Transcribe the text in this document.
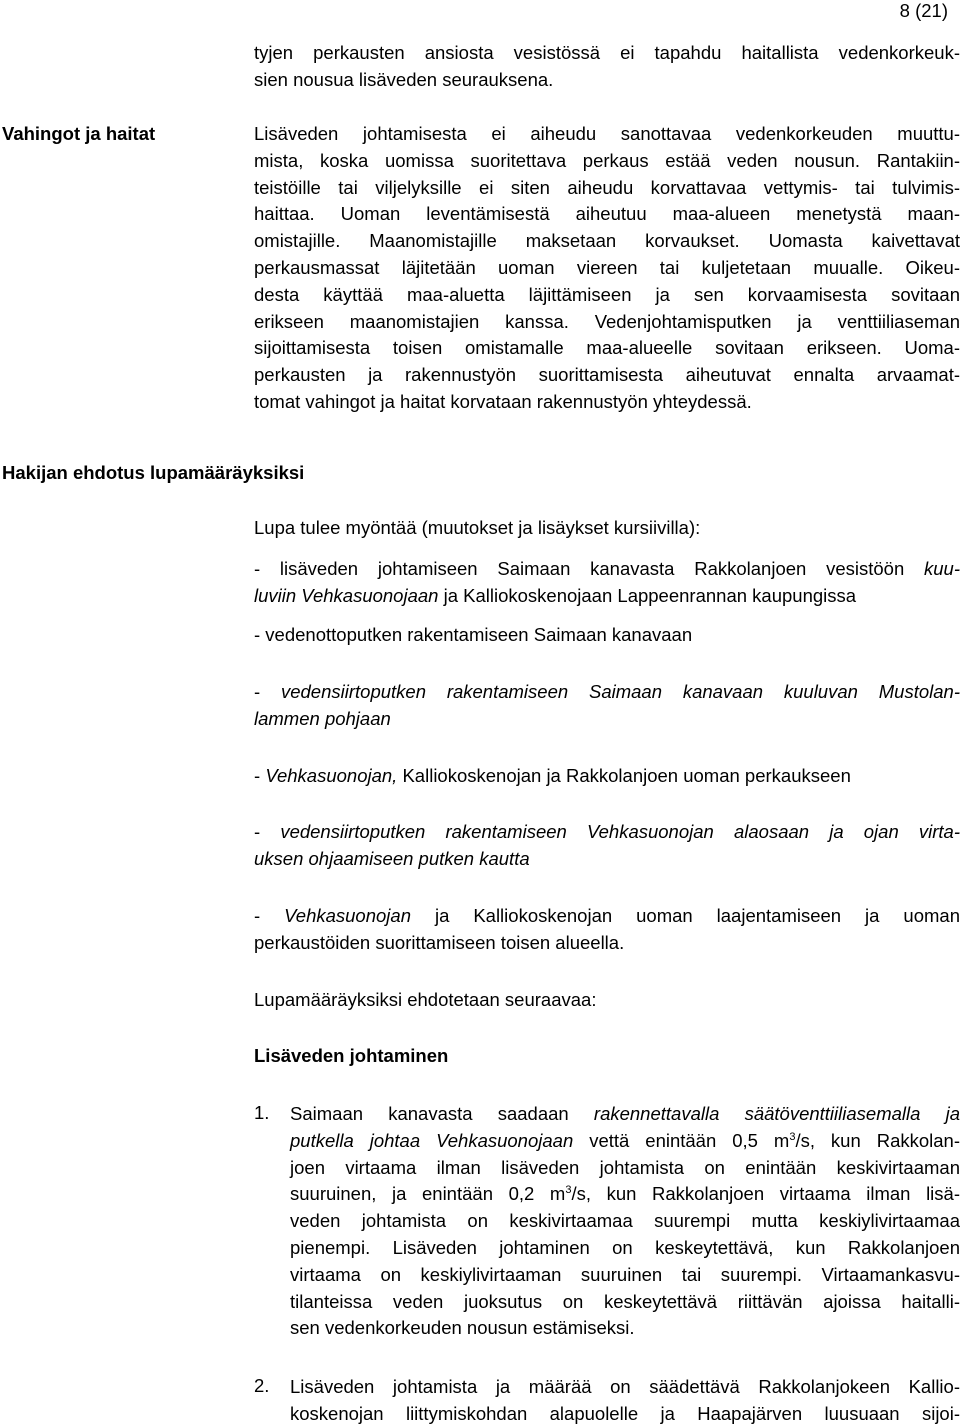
8 (21)
tyjen perkausten ansiosta vesistössä ei tapahdu haitallista vedenkorkeuk-
sien nousua lisäveden seurauksena.
Vahingot ja haitat	Lisäveden johtamisesta ei aiheudu sanottavaa vedenkorkeuden muuttu-
mista, koska uomissa suoritettava perkaus estää veden nousun. Rantakiin-
teistöille tai viljelyksille ei siten aiheudu korvattavaa vettymis- tai tulvimis-
haittaa. Uoman leventämisestä aiheutuu maa-alueen menetystä maan-
omistajille. Maanomistajille maksetaan korvaukset. Uomasta kaivettavat
perkausmassat läjitetään uoman viereen tai kuljetetaan muualle. Oikeu-
desta käyttää maa-aluetta läjittämiseen ja sen korvaamisesta sovitaan
erikseen maanomistajien kanssa. Vedenjohtamisputken ja venttiiliaseman
sijoittamisesta toisen omistamalle maa-alueelle sovitaan erikseen. Uoma-
perkausten ja rakennustyön suorittamisesta aiheutuvat ennalta arvaamat-
tomat vahingot ja haitat korvataan rakennustyön yhteydessä.
Hakijan ehdotus lupamääräyksiksi
Lupa tulee myöntää (muutokset ja lisäykset kursiivilla):
- lisäveden johtamiseen Saimaan kanavasta Rakkolanjoen vesistöön kuu-
luviin Vehkasuonojaan ja Kalliokoskenojaan Lappeenrannan kaupungissa
- vedenottoputken rakentamiseen Saimaan kanavaan
- vedensiirtoputken rakentamiseen Saimaan kanavaan kuuluvan Mustolan-
lammen pohjaan
- Vehkasuonojan, Kalliokoskenojan ja Rakkolanjoen uoman perkaukseen
- vedensiirtoputken rakentamiseen Vehkasuonojan alaosaan ja ojan virta-
uksen ohjaamiseen putken kautta
- Vehkasuonojan ja Kalliokoskenojan uoman laajentamiseen ja uoman
perkaustöiden suorittamiseen toisen alueella.
Lupamääräyksiksi ehdotetaan seuraavaa:
Lisäveden johtaminen
1. Saimaan kanavasta saadaan rakennettavalla säätöventtiiliasemalla ja
putkella johtaa Vehkasuonojaan vettä enintään 0,5 $m^3/s$, kun Rakkolan-
joen virtaama ilman lisäveden johtamista on enintään keskivirtaaman
suuruinen, ja enintään 0,2 $m^3/s$, kun Rakkolanjoen virtaama ilman lisä-
veden johtamista on keskivirtaamaa suurempi mutta keskiylivirtaamaa
pienempi. Lisäveden johtaminen on keskeytettävä, kun Rakkolanjoen
virtaama on keskiylivirtaaman suuruinen tai suurempi. Virtaamankasvu-
tilanteissa veden juoksutus on keskeytettävä riittävän ajoissa haitalli-
sen vedenkorkeuden nousun estämiseksi.
2. Lisäveden johtamista ja määrää on säädettävä Rakkolanjokeen Kallio-
koskenojan liittymiskohdan alapuolelle ja Haapajärven luusuaan sijoi-
